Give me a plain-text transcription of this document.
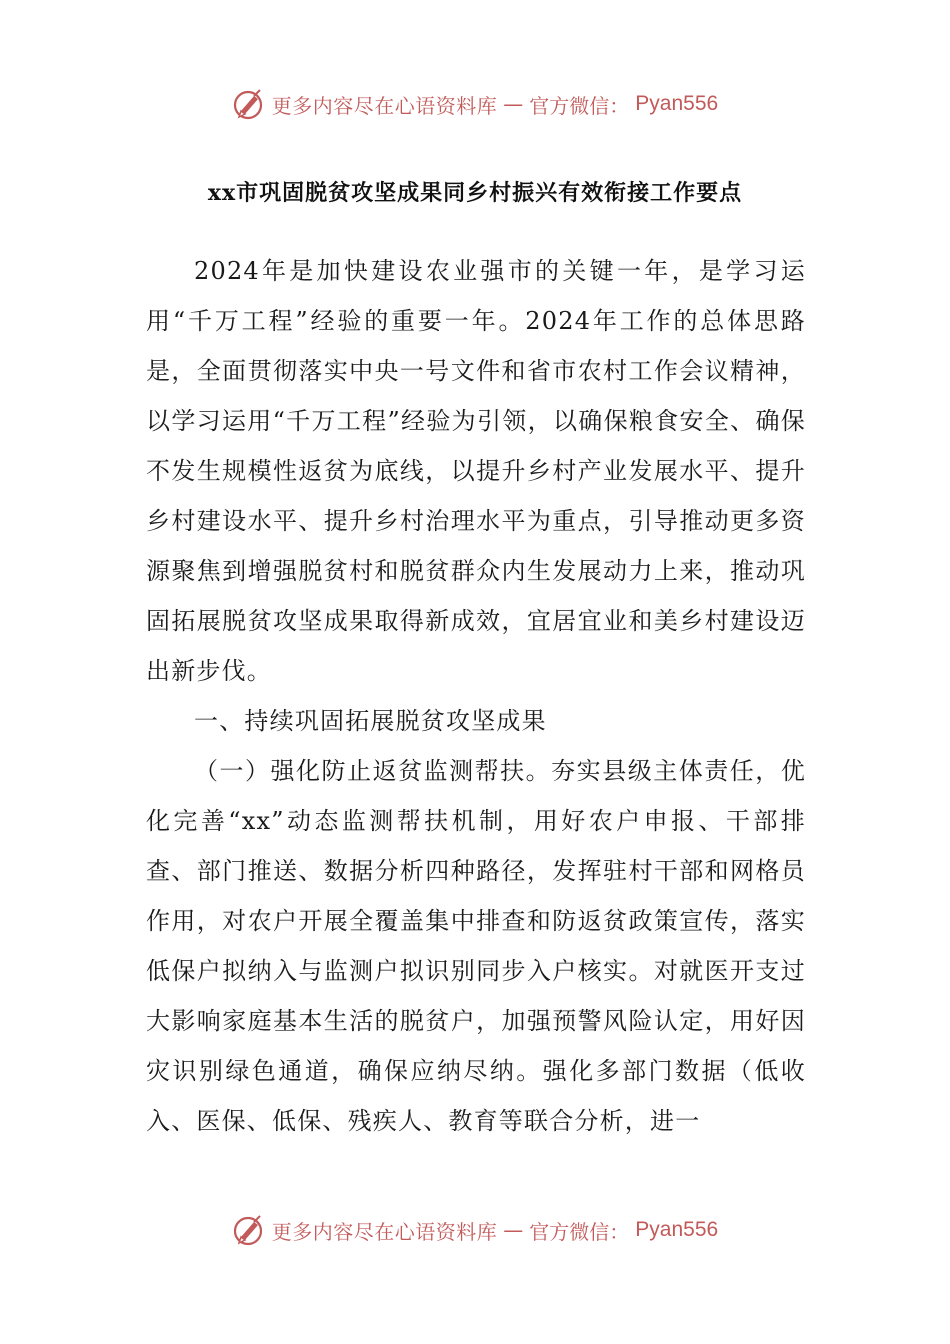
更多内容尽在心语资料库 — 官方微信： Pyan556
xx市巩固脱贫攻坚成果同乡村振兴有效衔接工作要点

2024年是加快建设农业强市的关键一年，是学习运用“千万工程”经验的重要一年。2024年工作的总体思路是，全面贯彻落实中央一号文件和省市农村工作会议精神，以学习运用“千万工程”经验为引领，以确保粮食安全、确保不发生规模性返贫为底线，以提升乡村产业发展水平、提升乡村建设水平、提升乡村治理水平为重点，引导推动更多资源聚焦到增强脱贫村和脱贫群众内生发展动力上来，推动巩固拓展脱贫攻坚成果取得新成效，宜居宜业和美乡村建设迈出新步伐。

一、持续巩固拓展脱贫攻坚成果

（一）强化防止返贫监测帮扶。夯实县级主体责任，优化完善“xx”动态监测帮扶机制，用好农户申报、干部排查、部门推送、数据分析四种路径，发挥驻村干部和网格员作用，对农户开展全覆盖集中排查和防返贫政策宣传，落实低保户拟纳入与监测户拟识别同步入户核实。对就医开支过大影响家庭基本生活的脱贫户，加强预警风险认定，用好因灾识别绿色通道，确保应纳尽纳。强化多部门数据（低收入、医保、低保、残疾人、教育等联合分析，进一

更多内容尽在心语资料库 — 官方微信： Pyan556
